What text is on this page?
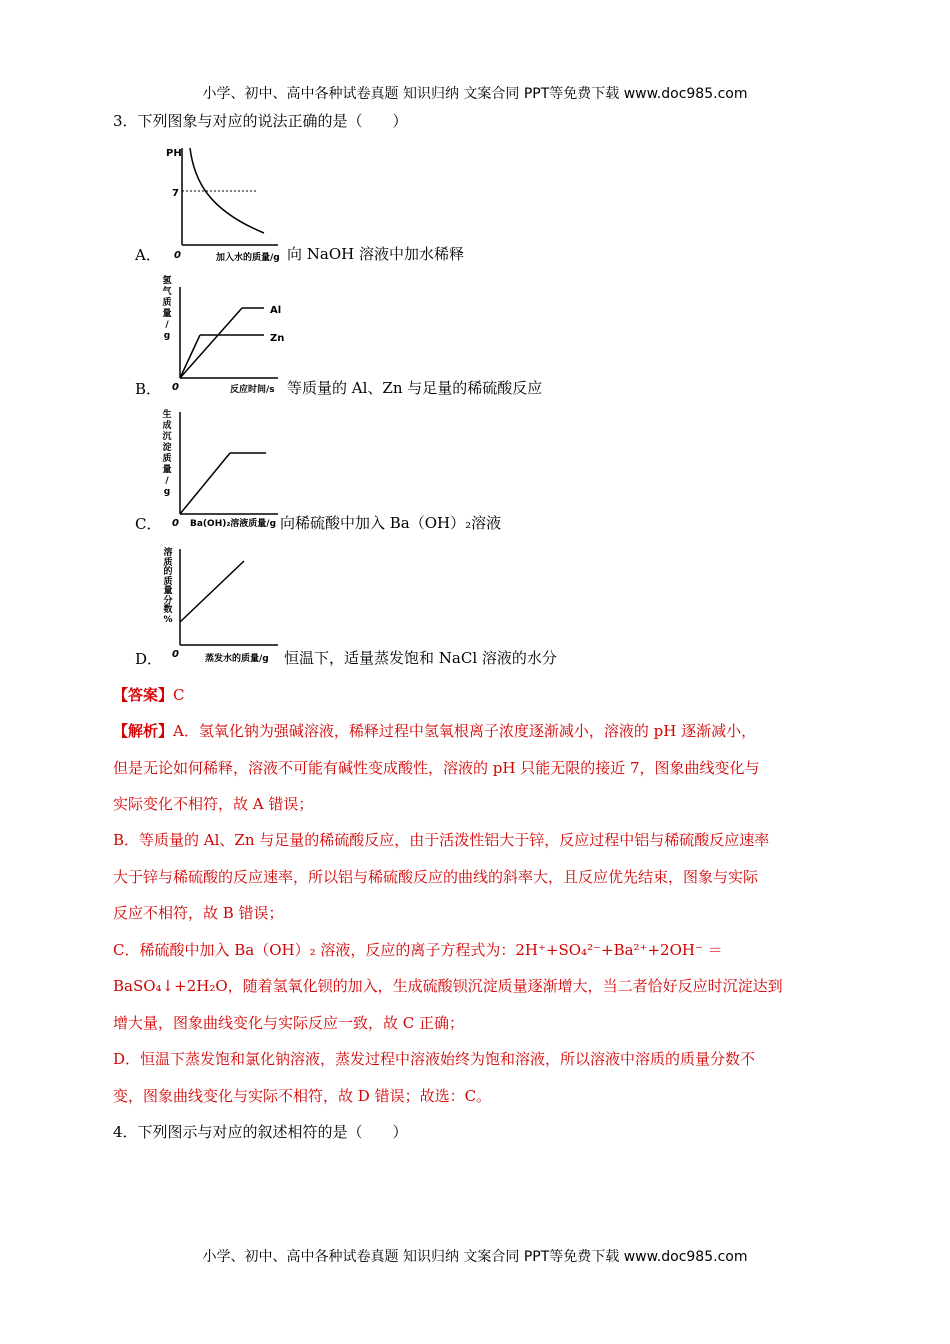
小学、初中、高中各种试卷真题 知识归纳 文案合同 PPT等免费下载 www.doc985.com
3．下列图象与对应的说法正确的是（　　）
PH
7
0	加入水的质量/g
A．	向 NaOH 溶液中加水稀释
0
Al
Zn
氢
气
质
量
/
g
反应时间/s
B．	等质量的 Al、Zn 与足量的稀硫酸反应
0
生
成
沉
淀
质
量
/
g
Ba(OH)₂溶液质量/g
C．	向稀硫酸中加入 Ba（OH）₂溶液
0
溶
质
的
质
量
分
数
%
蒸发水的质量/g
D．	恒温下，适量蒸发饱和 NaCl 溶液的水分
【答案】C
【解析】A．氢氧化钠为强碱溶液，稀释过程中氢氧根离子浓度逐渐减小，溶液的 pH 逐渐减小，
但是无论如何稀释，溶液不可能有碱性变成酸性，溶液的 pH 只能无限的接近 7，图象曲线变化与
实际变化不相符，故 A 错误；
B．等质量的 Al、Zn 与足量的稀硫酸反应，由于活泼性铝大于锌，反应过程中铝与稀硫酸反应速率
大于锌与稀硫酸的反应速率，所以铝与稀硫酸反应的曲线的斜率大，且反应优先结束，图象与实际
反应不相符，故 B 错误；
C．稀硫酸中加入 Ba（OH）₂ 溶液，反应的离子方程式为：2H⁺+SO₄²⁻+Ba²⁺+2OH⁻ ＝
BaSO₄↓+2H₂O，随着氢氧化钡的加入，生成硫酸钡沉淀质量逐渐增大，当二者恰好反应时沉淀达到
增大量，图象曲线变化与实际反应一致，故 C 正确；
D．恒温下蒸发饱和氯化钠溶液，蒸发过程中溶液始终为饱和溶液，所以溶液中溶质的质量分数不
变，图象曲线变化与实际不相符，故 D 错误；故选：C。
4．下列图示与对应的叙述相符的是（　　）
小学、初中、高中各种试卷真题 知识归纳 文案合同 PPT等免费下载 www.doc985.com
